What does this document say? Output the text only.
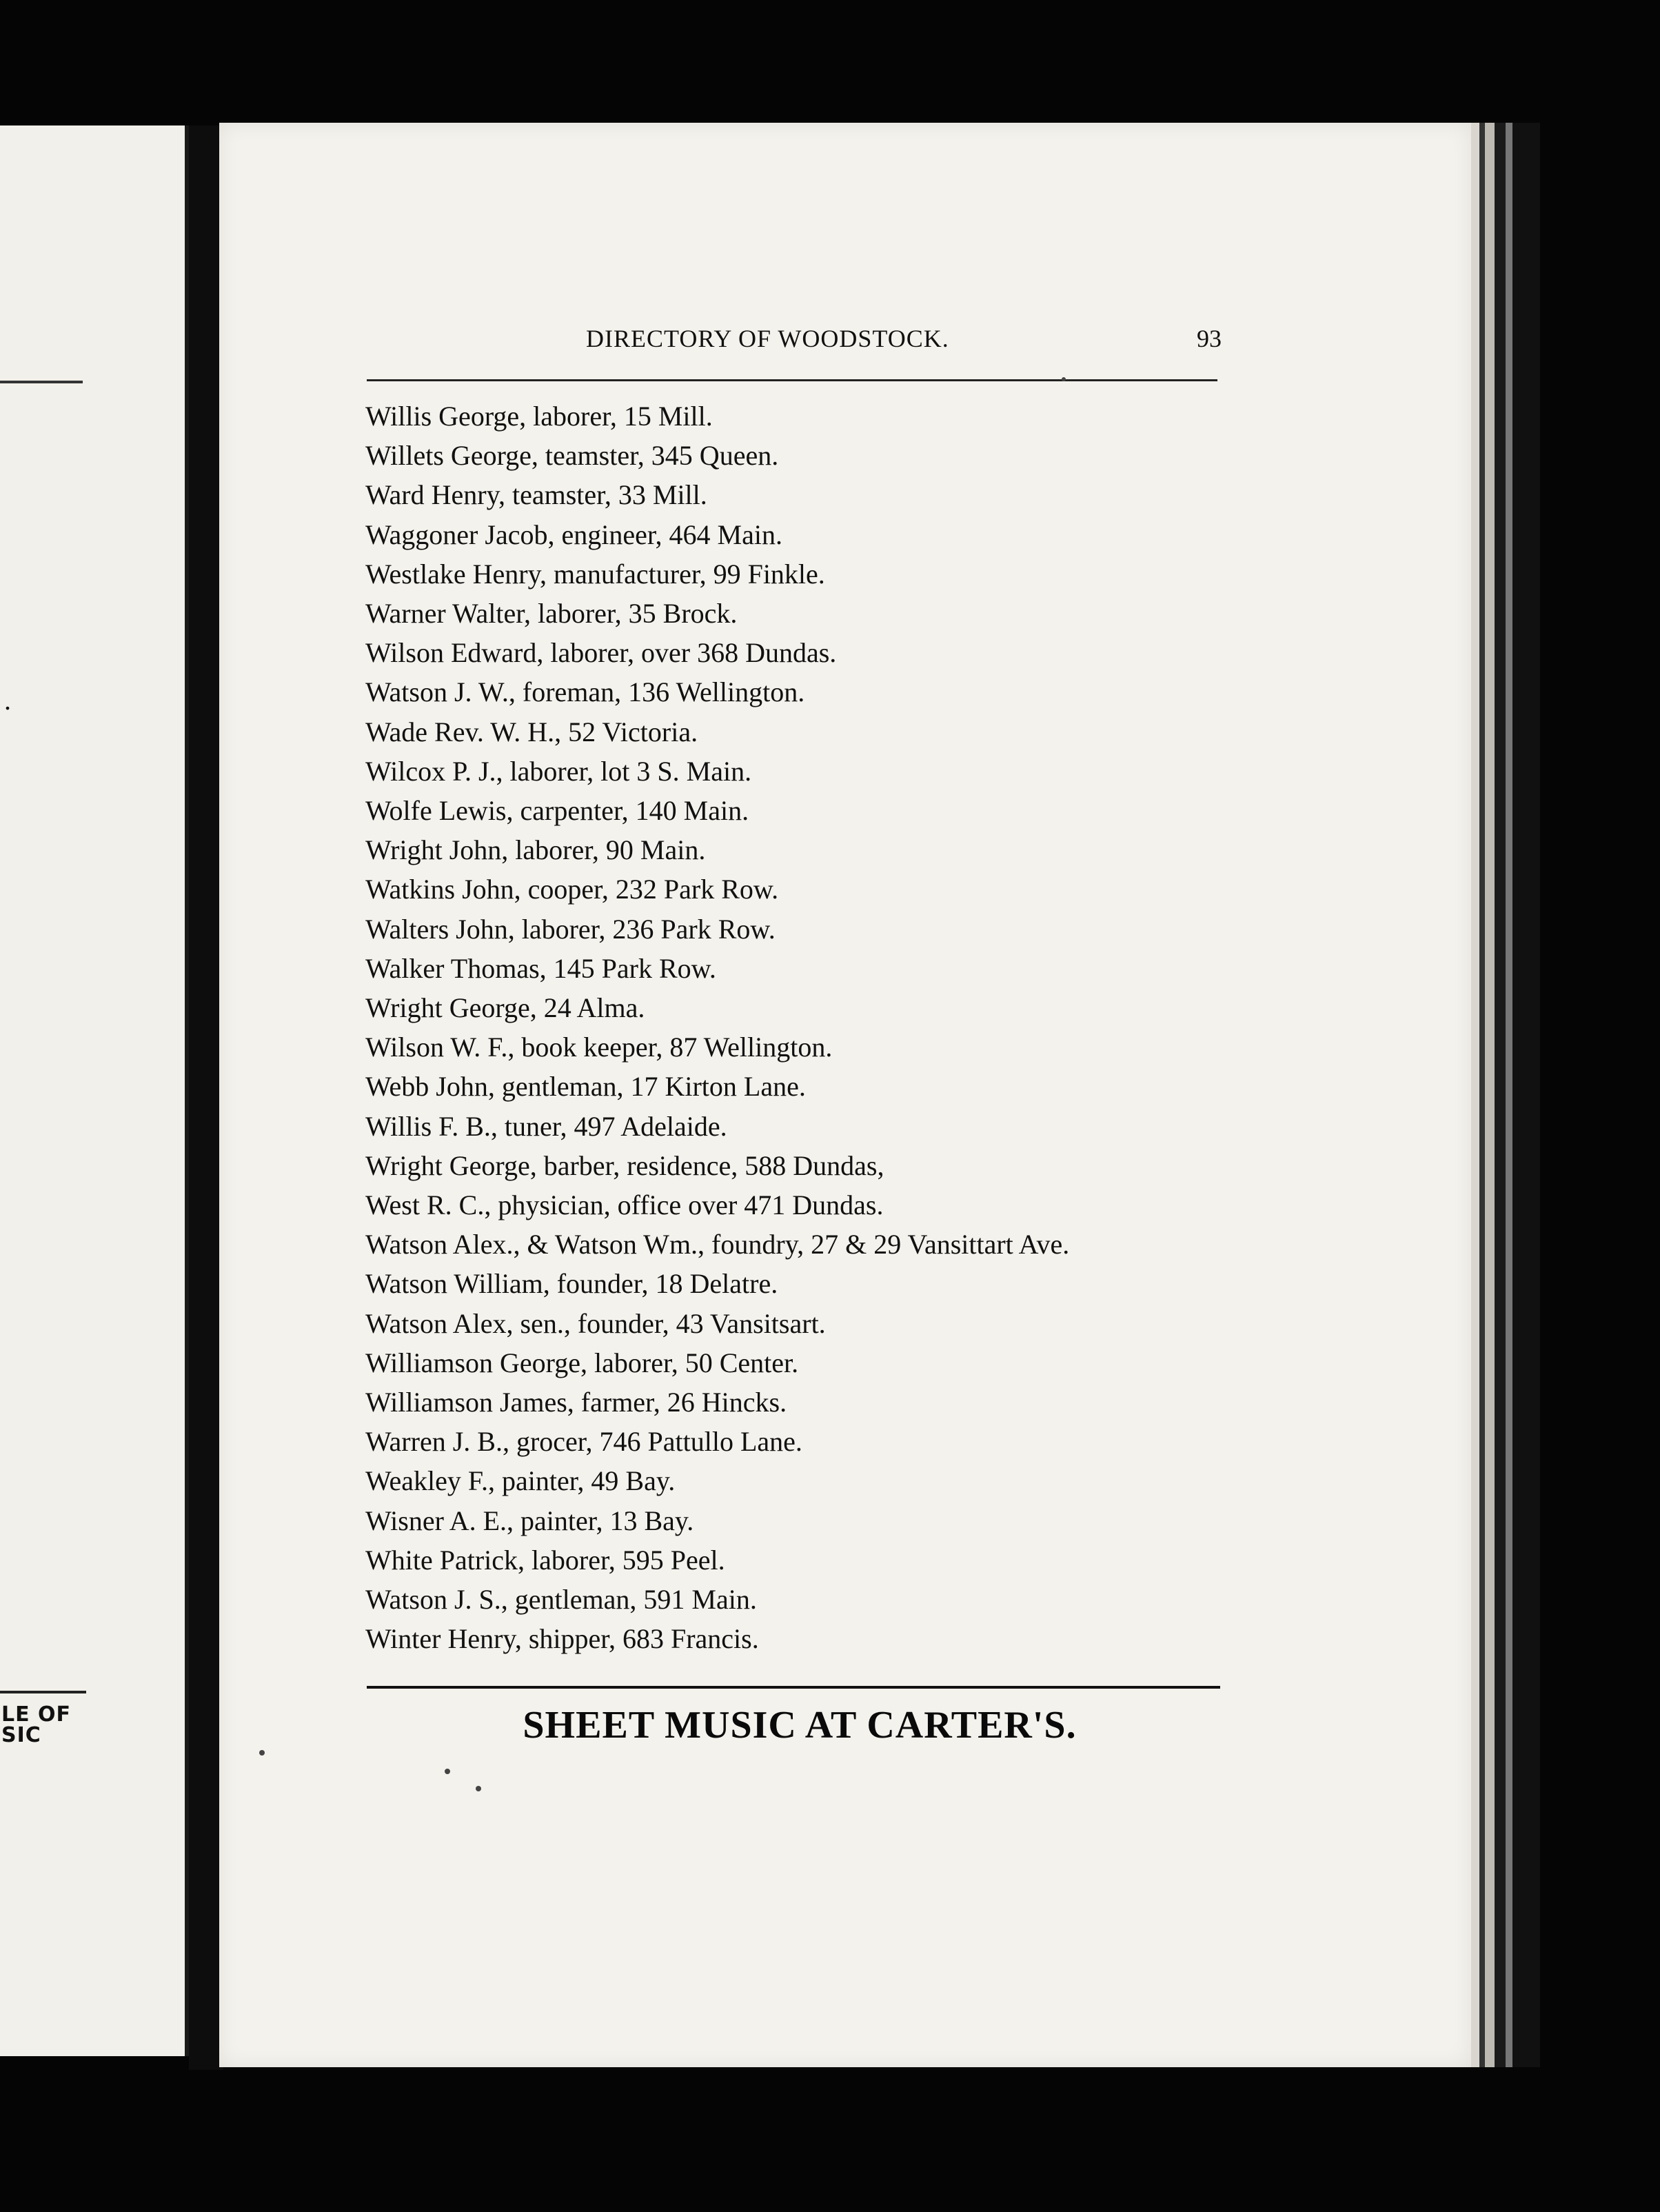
.
LE OF
SIC
DIRECTORY OF WOODSTOCK.	93
Willis George, laborer, 15 Mill.
Willets George, teamster, 345 Queen.
Ward Henry, teamster, 33 Mill.
Waggoner Jacob, engineer, 464 Main.
Westlake Henry, manufacturer, 99 Finkle.
Warner Walter, laborer, 35 Brock.
Wilson Edward, laborer, over 368 Dundas.
Watson J. W., foreman, 136 Wellington.
Wade Rev. W. H., 52 Victoria.
Wilcox P. J., laborer, lot 3 S. Main.
Wolfe Lewis, carpenter, 140 Main.
Wright John, laborer, 90 Main.
Watkins John, cooper, 232 Park Row.
Walters John, laborer, 236 Park Row.
Walker Thomas, 145 Park Row.
Wright George, 24 Alma.
Wilson W. F., book keeper, 87 Wellington.
Webb John, gentleman, 17 Kirton Lane.
Willis F. B., tuner, 497 Adelaide.
Wright George, barber, residence, 588 Dundas,
West R. C., physician, office over 471 Dundas.
Watson Alex., & Watson Wm., foundry, 27 & 29 Vansittart Ave.
Watson William, founder, 18 Delatre.
Watson Alex, sen., founder, 43 Vansitsart.
Williamson George, laborer, 50 Center.
Williamson James, farmer, 26 Hincks.
Warren J. B., grocer, 746 Pattullo Lane.
Weakley F., painter, 49 Bay.
Wisner A. E., painter, 13 Bay.
White Patrick, laborer, 595 Peel.
Watson J. S., gentleman, 591 Main.
Winter Henry, shipper, 683 Francis.
SHEET MUSIC AT CARTER'S.
